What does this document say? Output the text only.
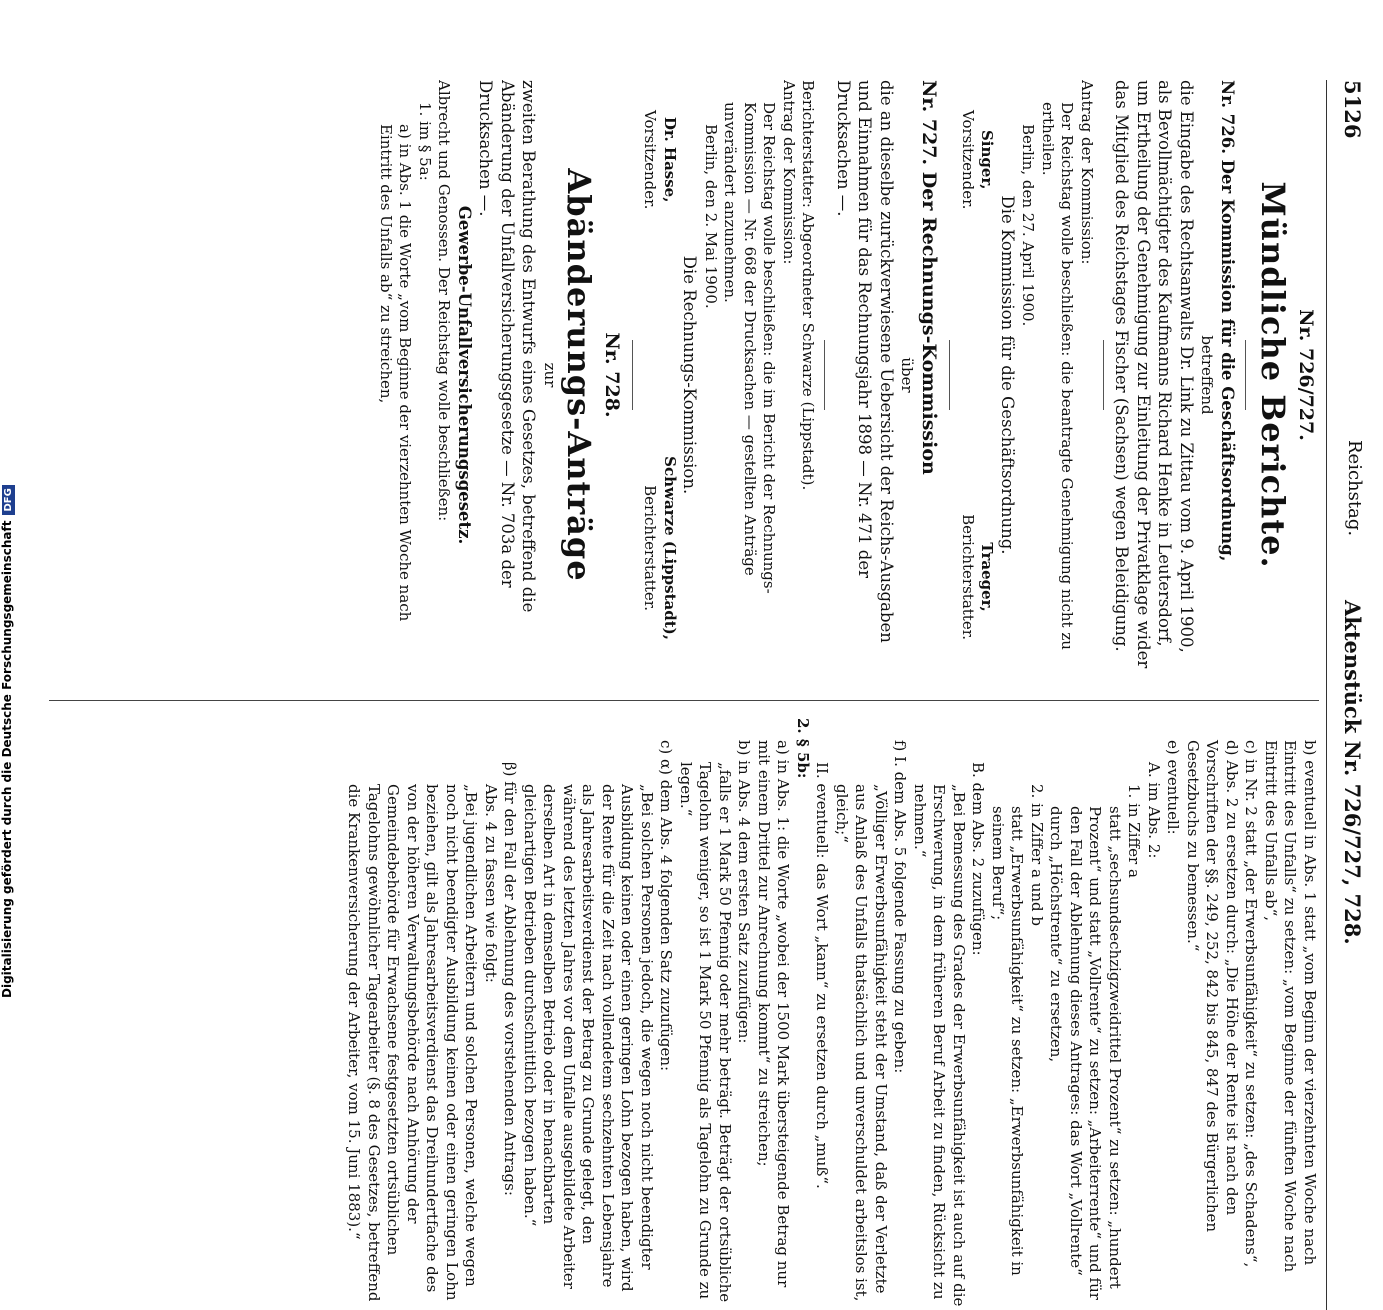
5126
Reichstag.
Aktenstück Nr. 726/727, 728.

Nr. 726/727.

Mündliche Berichte.

Nr. 726. Der Kommission für die Geschäftsordnung,

betreffend

die Eingabe des Rechtsanwalts Dr. Link zu Zittau vom 9. April 1900, als Bevollmächtigter des Kaufmanns Richard Henke in Leutersdorf, um Ertheilung der Genehmigung zur Einleitung der Privatklage wider das Mitglied des Reichstages Fischer (Sachsen) wegen Beleidigung.

Antrag der Kommission:

Der Reichstag wolle beschließen: die beantragte Genehmigung nicht zu ertheilen.

Berlin, den 27. April 1900.

Die Kommission für die Geschäftsordnung.

Singer,
Vorsitzender.
Traeger,
Berichterstatter.

Nr. 727. Der Rechnungs-Kommission

über

die an dieselbe zurückverwiesene Uebersicht der Reichs-Ausgaben und Einnahmen für das Rechnungsjahr 1898 — Nr. 471 der Drucksachen —.

Berichterstatter: Abgeordneter Schwarze (Lippstadt).

Antrag der Kommission:

Der Reichstag wolle beschließen: die im Bericht der Rechnungs-Kommission — Nr. 668 der Drucksachen — gestellten Anträge unverändert anzunehmen.

Berlin, den 2. Mai 1900.

Die Rechnungs-Kommission.

Dr. Hasse,
Vorsitzender.
Schwarze (Lippstadt),
Berichterstatter.

Nr. 728.

Abänderungs-Anträge

zur

zweiten Berathung des Entwurfs eines Gesetzes, betreffend die Abänderung der Unfallversicherungsgesetze — Nr. 703a der Drucksachen —.

Gewerbe-Unfallversicherungsgesetz.

Albrecht und Genossen. Der Reichstag wolle beschließen:

1. im § 5a:

a) in Abs. 1 die Worte „vom Beginne der vierzehnten Woche nach Eintritt des Unfalls ab“ zu streichen,

b) eventuell in Abs. 1 statt „vom Beginn der vierzehnten Woche nach Eintritt des Unfalls“ zu setzen: „vom Beginne der fünften Woche nach Eintritt des Unfalls ab“,

c) in Nr. 2 statt „der Erwerbsunfähigkeit“ zu setzen: „des Schadens“,

d) Abs. 2 zu ersetzen durch: „Die Höhe der Rente ist nach den Vorschriften der §§. 249, 252, 842 bis 845, 847 des Bürgerlichen Gesetzbuchs zu bemessen.“

e) eventuell:

A. im Abs. 2:

1. in Ziffer a

statt „sechsundsechzigzweidrittel Prozent“ zu setzen: „hundert Prozent“ und statt „Vollrente“ zu setzen: „Arbeiterrente“ und für den Fall der Ablehnung dieses Antrages: das Wort „Vollrente“ durch „Höchstrente“ zu ersetzen,

2. in Ziffer a und b

statt „Erwerbsunfähigkeit“ zu setzen: „Erwerbsunfähigkeit in seinem Beruf“;

B. dem Abs. 2 zuzufügen:

„Bei Bemessung des Grades der Erwerbsunfähigkeit ist auch auf die Erschwerung, in dem früheren Beruf Arbeit zu finden, Rücksicht zu nehmen.“

f) I. dem Abs. 5 folgende Fassung zu geben:

„Völliger Erwerbsunfähigkeit steht der Umstand, daß der Verletzte aus Anlaß des Unfalls thatsächlich und unverschuldet arbeitslos ist, gleich;“

II. eventuell: das Wort „kann“ zu ersetzen durch „muß“.

2. § 5b:

a) in Abs. 1: die Worte „wobei der 1500 Mark übersteigende Betrag nur mit einem Drittel zur Anrechnung kommt“ zu streichen;

b) in Abs. 4 dem ersten Satz zuzufügen:

„falls er 1 Mark 50 Pfennig oder mehr beträgt. Beträgt der ortsübliche Tagelohn weniger, so ist 1 Mark 50 Pfennig als Tagelohn zu Grunde zu legen.“

c) α) dem Abs. 4 folgenden Satz zuzufügen:

„Bei solchen Personen jedoch, die wegen noch nicht beendigter Ausbildung keinen oder einen geringen Lohn bezogen haben, wird der Rente für die Zeit nach vollendetem sechzehnten Lebensjahre als Jahresarbeitsverdienst der Betrag zu Grunde gelegt, den während des letzten Jahres vor dem Unfalle ausgebildete Arbeiter derselben Art in demselben Betrieb oder in benachbarten gleichartigen Betrieben durchschnittlich bezogen haben.“

β) für den Fall der Ablehnung des vorstehenden Antrags:

Abs. 4 zu fassen wie folgt:

„Bei jugendlichen Arbeitern und solchen Personen, welche wegen noch nicht beendigter Ausbildung keinen oder einen geringen Lohn beziehen, gilt als Jahresarbeitsverdienst das Dreihundertfache des von der höheren Verwaltungsbehörde nach Anhörung der Gemeindebehörde für Erwachsene festgesetzten ortsüblichen Tagelohns gewöhnlicher Tagearbeiter (§. 8 des Gesetzes, betreffend die Krankenversicherung der Arbeiter, vom 15. Juni 1883).“

Digitalisierung gefördert durch die Deutsche ForschungsgemeinschaftDFG
